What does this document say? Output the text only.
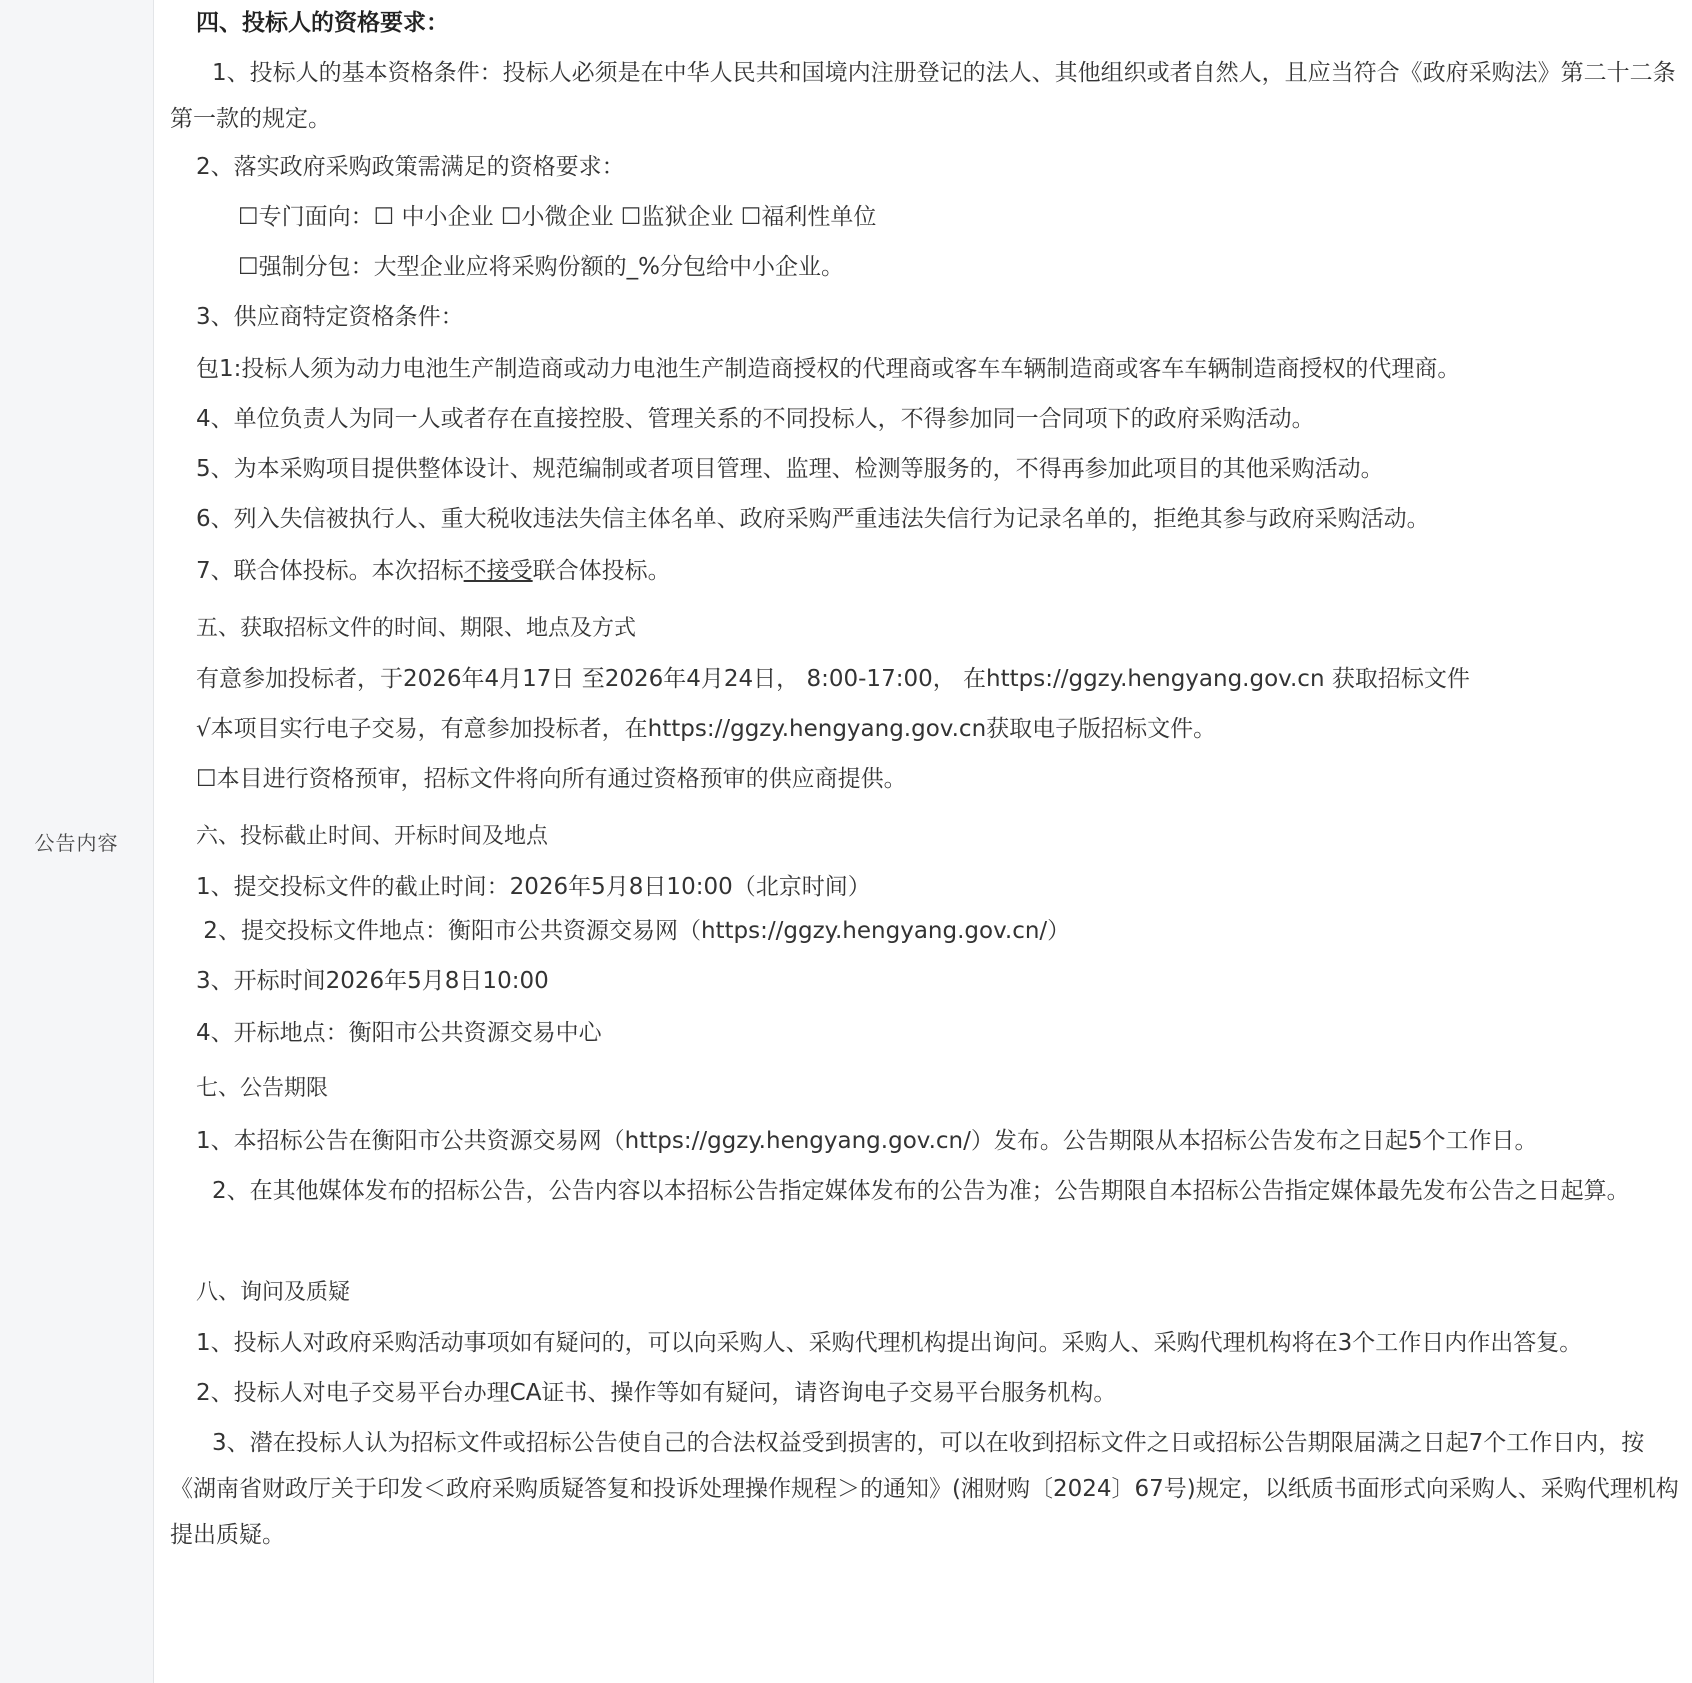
公告内容
四、投标人的资格要求：
1、投标人的基本资格条件：投标人必须是在中华人民共和国境内注册登记的法人、其他组织或者自然人，且应当符合《政府采购法》第二十二条第一款的规定。
2、落实政府采购政策需满足的资格要求：
☐专门面向：☐ 中小企业 ☐小微企业 ☐监狱企业 ☐福利性单位
☐强制分包：大型企业应将采购份额的_%分包给中小企业。
3、供应商特定资格条件：
包1:投标人须为动力电池生产制造商或动力电池生产制造商授权的代理商或客车车辆制造商或客车车辆制造商授权的代理商。
4、单位负责人为同一人或者存在直接控股、管理关系的不同投标人，不得参加同一合同项下的政府采购活动。
5、为本采购项目提供整体设计、规范编制或者项目管理、监理、检测等服务的，不得再参加此项目的其他采购活动。
6、列入失信被执行人、重大税收违法失信主体名单、政府采购严重违法失信行为记录名单的，拒绝其参与政府采购活动。
7、联合体投标。本次招标不接受联合体投标。
五、获取招标文件的时间、期限、地点及方式
有意参加投标者，于2026年4月17日 至2026年4月24日， 8:00-17:00， 在https://ggzy.hengyang.gov.cn 获取招标文件
√本项目实行电子交易，有意参加投标者，在https://ggzy.hengyang.gov.cn获取电子版招标文件。
☐本目进行资格预审，招标文件将向所有通过资格预审的供应商提供。
六、投标截止时间、开标时间及地点
1、提交投标文件的截止时间：2026年5月8日10:00（北京时间）
2、提交投标文件地点：衡阳市公共资源交易网（https://ggzy.hengyang.gov.cn/）
3、开标时间2026年5月8日10:00
4、开标地点：衡阳市公共资源交易中心
七、公告期限
1、本招标公告在衡阳市公共资源交易网（https://ggzy.hengyang.gov.cn/）发布。公告期限从本招标公告发布之日起5个工作日。
2、在其他媒体发布的招标公告，公告内容以本招标公告指定媒体发布的公告为准；公告期限自本招标公告指定媒体最先发布公告之日起算。
八、询问及质疑
1、投标人对政府采购活动事项如有疑问的，可以向采购人、采购代理机构提出询问。采购人、采购代理机构将在3个工作日内作出答复。
2、投标人对电子交易平台办理CA证书、操作等如有疑问，请咨询电子交易平台服务机构。
3、潜在投标人认为招标文件或招标公告使自己的合法权益受到损害的，可以在收到招标文件之日或招标公告期限届满之日起7个工作日内，按《湖南省财政厅关于印发＜政府采购质疑答复和投诉处理操作规程＞的通知》(湘财购〔2024〕67号)规定，以纸质书面形式向采购人、采购代理机构提出质疑。
